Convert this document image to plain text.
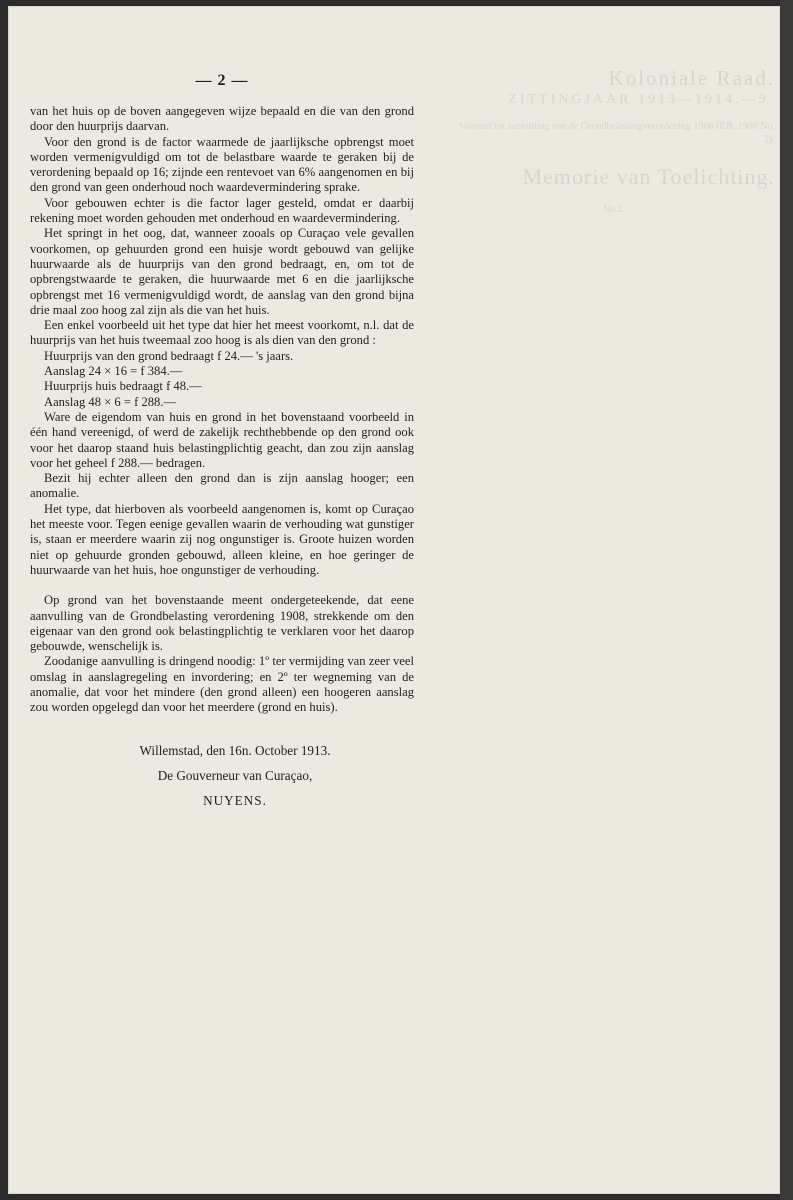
Koloniale Raad.
ZITTINGJAAR 1913—1914.—9.
Voorstel tot aanvulling van de Grondbelastingverordening 1908 (P.B. 1908 No. 2).
Memorie van Toelichting.
No 2.
— 2 —

van het huis op de boven aangegeven wijze bepaald en die van den grond door den huurprijs daarvan.

Voor den grond is de factor waarmede de jaarlijksche opbrengst moet worden vermenigvuldigd om tot de belastbare waarde te geraken bij de verordening bepaald op 16; zijnde een rentevoet van 6% aangenomen en bij den grond van geen onderhoud noch waardevermindering sprake.

Voor gebouwen echter is die factor lager gesteld, omdat er daarbij rekening moet worden gehouden met onderhoud en waardevermindering.

Het springt in het oog, dat, wanneer zooals op Curaçao vele gevallen voorkomen, op gehuurden grond een huisje wordt gebouwd van gelijke huurwaarde als de huurprijs van den grond bedraagt, en, om tot de opbrengstwaarde te geraken, die huurwaarde met 6 en die jaarlijksche opbrengst met 16 vermenigvuldigd wordt, de aanslag van den grond bijna drie maal zoo hoog zal zijn als die van het huis.

Een enkel voorbeeld uit het type dat hier het meest voorkomt, n.l. dat de huurprijs van het huis tweemaal zoo hoog is als dien van den grond :

Huurprijs van den grond bedraagt f 24.— 's jaars.

Aanslag 24 × 16 = f 384.—

Huurprijs huis bedraagt f 48.—

Aanslag 48 × 6 = f 288.—

Ware de eigendom van huis en grond in het bovenstaand voorbeeld in één hand vereenigd, of werd de zakelijk rechthebbende op den grond ook voor het daarop staand huis belastingplichtig geacht, dan zou zijn aanslag voor het geheel f 288.— bedragen.

Bezit hij echter alleen den grond dan is zijn aanslag hooger; een anomalie.

Het type, dat hierboven als voorbeeld aangenomen is, komt op Curaçao het meeste voor. Tegen eenige gevallen waarin de verhouding wat gunstiger is, staan er meerdere waarin zij nog ongunstiger is. Groote huizen worden niet op gehuurde gronden gebouwd, alleen kleine, en hoe geringer de huurwaarde van het huis, hoe ongunstiger de verhouding.

Op grond van het bovenstaande meent ondergeteekende, dat eene aanvulling van de Grondbelasting verordening 1908, strekkende om den eigenaar van den grond ook belastingplichtig te verklaren voor het daarop gebouwde, wenschelijk is.

Zoodanige aanvulling is dringend noodig: 1º ter vermijding van zeer veel omslag in aanslagregeling en invordering; en 2º ter wegneming van de anomalie, dat voor het mindere (den grond alleen) een hoogeren aanslag zou worden opgelegd dan voor het meerdere (grond en huis).

Willemstad, den 16n. October 1913.
De Gouverneur van Curaçao,
NUYENS.
